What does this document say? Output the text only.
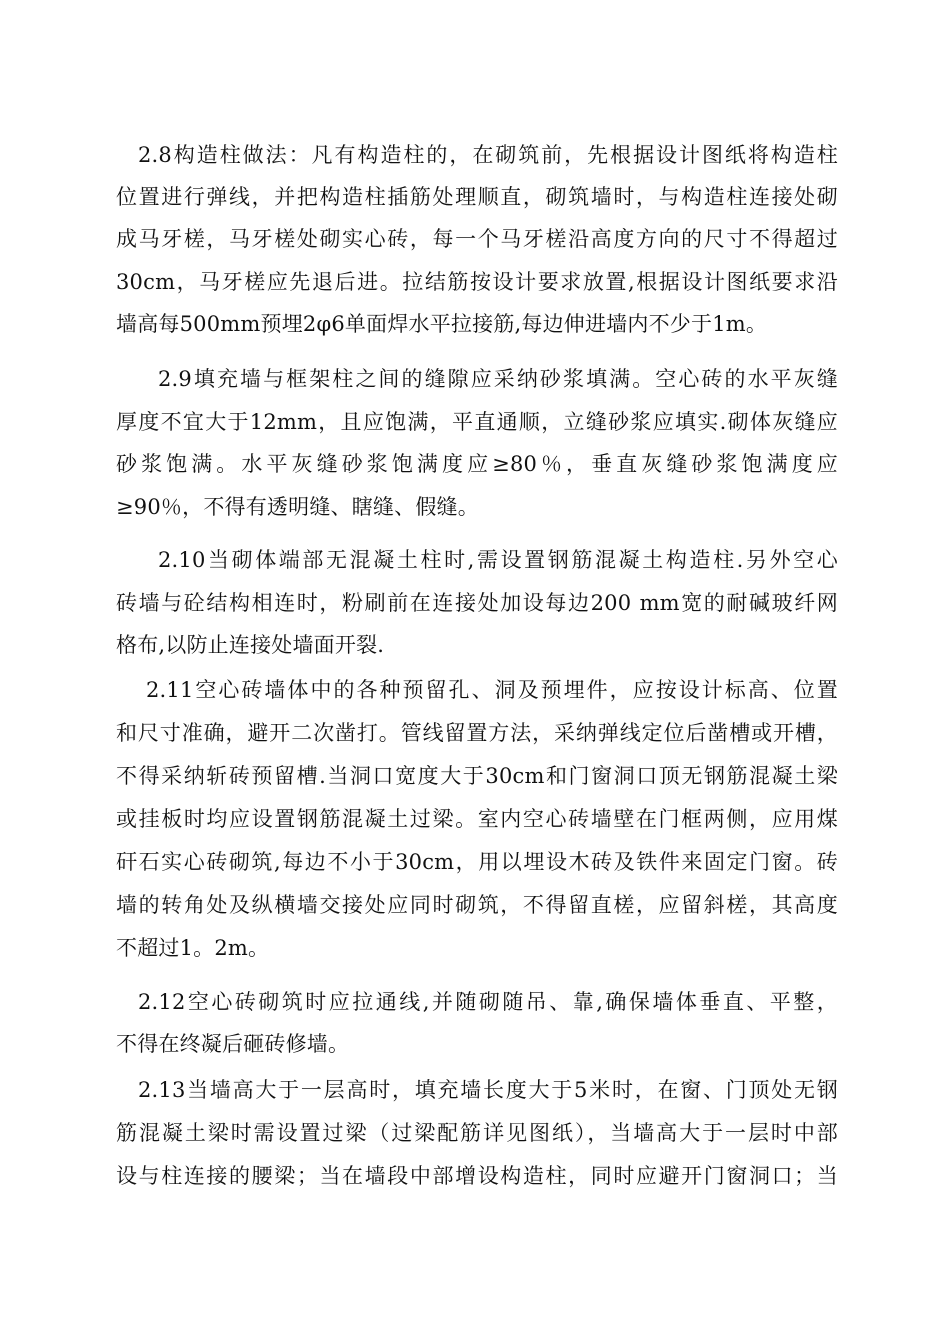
2.8构造柱做法：凡有构造柱的，在砌筑前，先根据设计图纸将构造柱
位置进行弹线，并把构造柱插筋处理顺直，砌筑墙时，与构造柱连接处砌
成马牙槎，马牙槎处砌实心砖，每一个马牙槎沿高度方向的尺寸不得超过
30cm，马牙槎应先退后进。拉结筋按设计要求放置,根据设计图纸要求沿
墙高每500mm预埋2φ6单面焊水平拉接筋,每边伸进墙内不少于1m。
2.9填充墙与框架柱之间的缝隙应采纳砂浆填满。空心砖的水平灰缝
厚度不宜大于12mm，且应饱满，平直通顺，立缝砂浆应填实.砌体灰缝应
砂浆饱满。水平灰缝砂浆饱满度应≥80％，垂直灰缝砂浆饱满度应
≥90％，不得有透明缝、瞎缝、假缝。
2.10当砌体端部无混凝土柱时,需设置钢筋混凝土构造柱.另外空心
砖墙与砼结构相连时，粉刷前在连接处加设每边200 mm宽的耐碱玻纤网
格布,以防止连接处墙面开裂.
2.11空心砖墙体中的各种预留孔、洞及预埋件，应按设计标高、位置
和尺寸准确，避开二次凿打。管线留置方法，采纳弹线定位后凿槽或开槽，
不得采纳斩砖预留槽.当洞口宽度大于30cm和门窗洞口顶无钢筋混凝土梁
或挂板时均应设置钢筋混凝土过梁。室内空心砖墙壁在门框两侧，应用煤
矸石实心砖砌筑,每边不小于30cm，用以埋设木砖及铁件来固定门窗。砖
墙的转角处及纵横墙交接处应同时砌筑，不得留直槎，应留斜槎，其高度
不超过1。2m。
2.12空心砖砌筑时应拉通线,并随砌随吊、靠,确保墙体垂直、平整，
不得在终凝后砸砖修墙。
2.13当墙高大于一层高时，填充墙长度大于5米时，在窗、门顶处无钢
筋混凝土梁时需设置过梁（过梁配筋详见图纸），当墙高大于一层时中部
设与柱连接的腰梁；当在墙段中部增设构造柱，同时应避开门窗洞口；当
